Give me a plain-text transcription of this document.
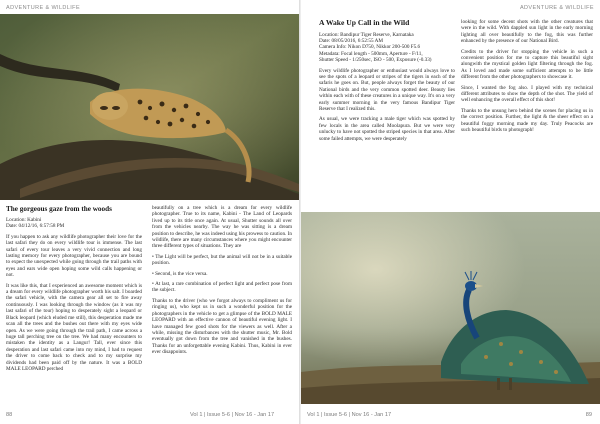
ADVENTURE & WILDLIFE

The gorgeous gaze from the woods

Location: Kabini

Date: 04/12/16, 6:57:58 PM

If you happen to ask any wildlife photographer their love for the last safari they do on every wildlife tour is immense. The last safari of every tour leaves a very vivid connection and long lasting memory for every photographer, because you are bound to expect the unexpected while going through the trail paths with eyes and ears wide open hoping some wild calls happening or not.

It was like this, that I experienced an awesome moment which is a dream for every wildlife photographer worth his salt. I boarded the safari vehicle, with the camera gear all set to fire away continuously. I was looking through the window (as it was my last safari of the tour) hoping to desperately sight a leopard or Black leopard (which eluded me still), this desperation made me scan all the trees and the bushes out there with my eyes wide open. As we were going through the trail path, I came across a huge tall perching tree on the tree. We had many encounters to mistaken the identity as a Langur! Tall, ever since this desperation and last safari came into my mind, I had to request the driver to come back to check and to my surprise my dividends had been paid off by the nature. It was a BOLD MALE LEOPARD perched

beautifully on a tree which is a dream for every wildlife photographer. True to its name, Kabini - The Land of Leopards lived up to its title once again. At usual, Shutter sounds all over from the vehicles nearby. The way he was sitting is a dream position to describe, he was indeed using his prowess to caution. In wildlife, there are many circumstances where you might encounter three different types of situations. They are

• The Light will be perfect, but the animal will not be in a suitable position.

• Second, is the vice versa.

• At last, a rare combination of perfect light and perfect pose from the subject.

Thanks to the driver (who we forgot always to compliment us for ringing us), who kept us in such a wonderful position for the photographers in the vehicle to get a glimpse of the BOLD MALE LEOPARD with an effective cannon of beautiful evening light. I have managed few good shots for the viewers as well. After a while, missing the disturbances with the shutter music, Mr. Bold eventually got down from the tree and vanished in the bushes. Thanks for an unforgettable evening Kabini. Thus, Kabini in ever ever disappoints.

88	Vol 1 | Issue 5-6 | Nov 16 - Jan 17
ADVENTURE & WILDLIFE

A Wake Up Call in the Wild

Location: Bandipur Tiger Reserve, Karnataka

Date: 08/05/2016, 6:52:55 AM

Camera Info: Nikon D750, Nikkor 200-500 F5.6

Metadata: Focal length - 500mm, Aperture - F/11,

Shutter Speed - 1/250sec, ISO - 500, Exposure (-0.33)

Every wildlife photographer or enthusiast would always love to see the spots of a leopard or stripes of the tigers in each of the safaris he goes on. But, people always forget the beauty of our National birds and the very common spotted deer. Beauty lies within each with of these creatures in a unique way. It's on a very early summer morning in the very famous Bandipur Tiger Reserve that I realized this.

As usual, we were tracking a male tiger which was spotted by few locals in the area called Moolapura. But we were very unlucky to have not spotted the striped species in that area. After some failed attempts, we were desperately

looking for some decent shots with the other creatures that were in the wild. With dappled sun light in the early morning lighting all over beautifully to the fog, this was further enhanced by the presence of our National Bird.

Credits to the driver for stopping the vehicle in such a convenient position for me to capture this beautiful sight alongwith the mystical golden light filtering through the fog. As I loved and made some sufficient attempts to be little different from the other photographers to showcase it.

Since, I wanted the fog also. I played with my technical different attributes to show the depth of the shot. The yield of well enhancing the overall effect of this shot!

Thanks to the unsung hero behind the scenes for placing us in the correct position. Further, the light & the sheer effect on a beautiful foggy morning made my day. Truly Peacocks are such beautiful birds to photograph!

Vol 1 | Issue 5-6 | Nov 16 - Jan 17	89
